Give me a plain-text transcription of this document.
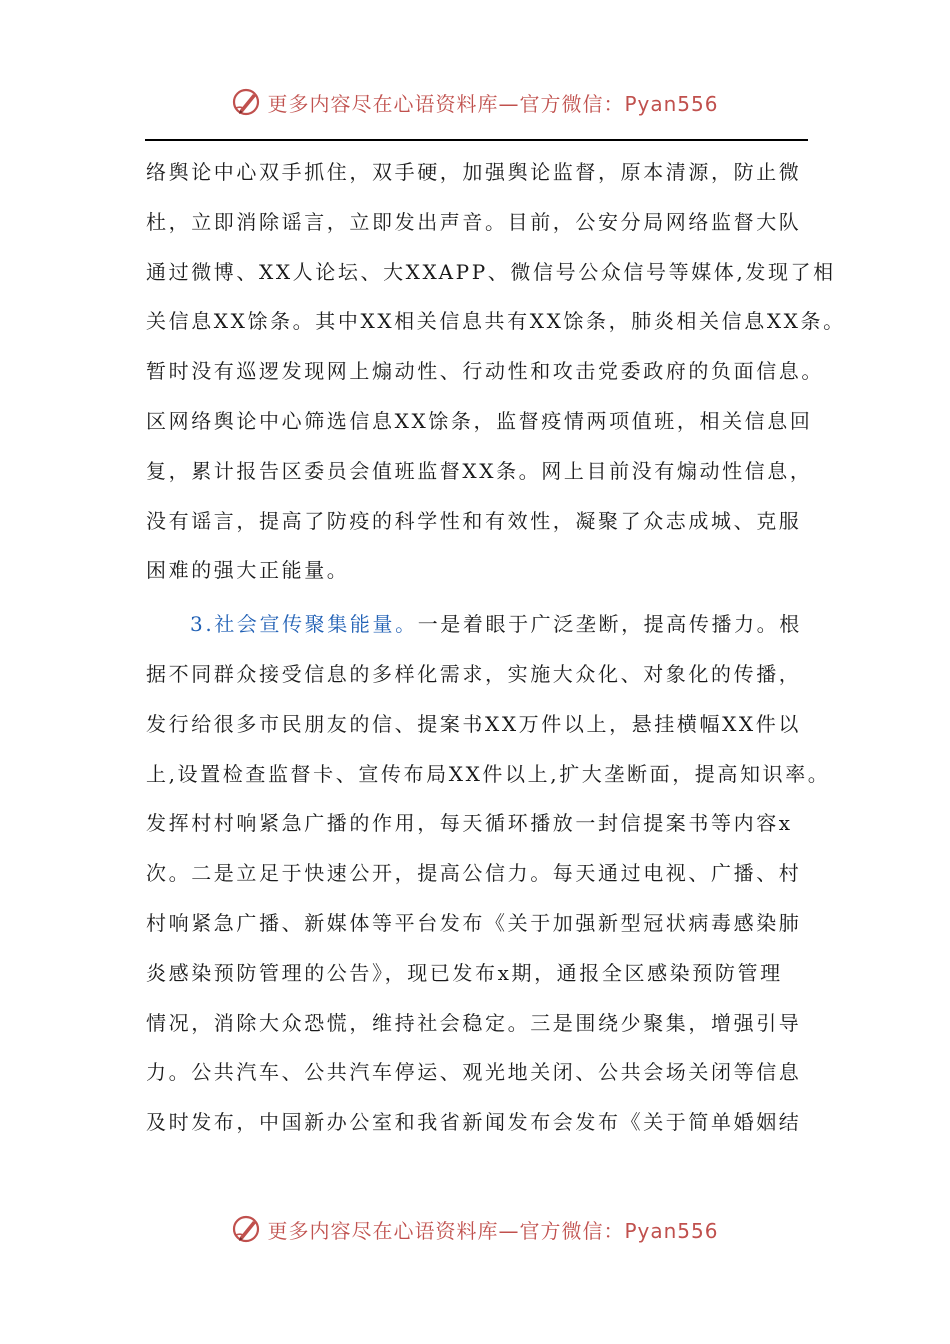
更多内容尽在心语资料库—官方微信：Pyan556
络舆论中心双手抓住，双手硬，加强舆论监督，原本清源，防止微
杜，立即消除谣言，立即发出声音。目前，公安分局网络监督大队
通过微博、XX人论坛、大XXAPP、微信号公众信号等媒体,发现了相
关信息XX馀条。其中XX相关信息共有XX馀条，肺炎相关信息XX条。
暂时没有巡逻发现网上煽动性、行动性和攻击党委政府的负面信息。
区网络舆论中心筛选信息XX馀条，监督疫情两项值班，相关信息回
复，累计报告区委员会值班监督XX条。网上目前没有煽动性信息，
没有谣言，提高了防疫的科学性和有效性，凝聚了众志成城、克服
困难的强大正能量。
3.社会宣传聚集能量。一是着眼于广泛垄断，提高传播力。根
据不同群众接受信息的多样化需求，实施大众化、对象化的传播，
发行给很多市民朋友的信、提案书XX万件以上，悬挂横幅XX件以
上,设置检查监督卡、宣传布局XX件以上,扩大垄断面，提高知识率。
发挥村村响紧急广播的作用，每天循环播放一封信提案书等内容x
次。二是立足于快速公开，提高公信力。每天通过电视、广播、村
村响紧急广播、新媒体等平台发布《关于加强新型冠状病毒感染肺
炎感染预防管理的公告》，现已发布x期，通报全区感染预防管理
情况，消除大众恐慌，维持社会稳定。三是围绕少聚集，增强引导
力。公共汽车、公共汽车停运、观光地关闭、公共会场关闭等信息
及时发布，中国新办公室和我省新闻发布会发布《关于简单婚姻结
更多内容尽在心语资料库—官方微信：Pyan556
